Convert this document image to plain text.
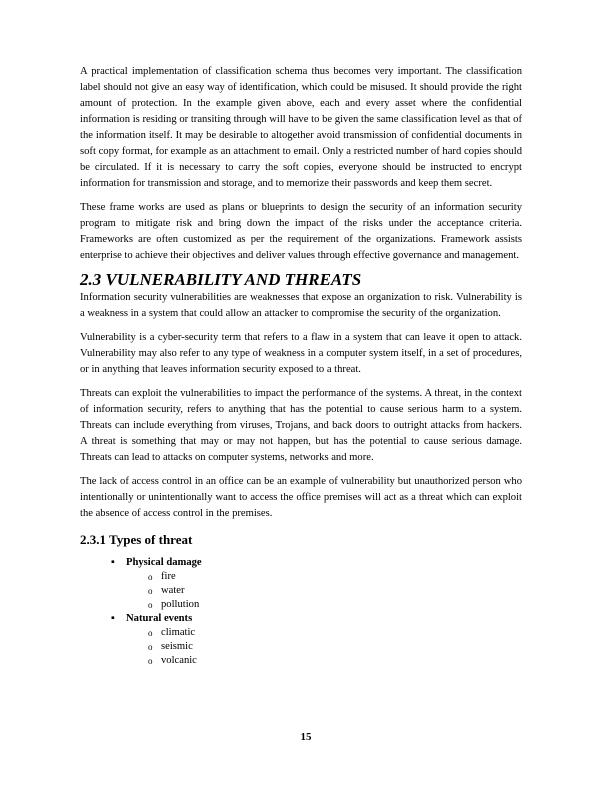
A practical implementation of classification schema thus becomes very important. The classification label should not give an easy way of identification, which could be misused. It should provide the right amount of protection. In the example given above, each and every asset where the confidential information is residing or transiting through will have to be given the same classification level as that of the information itself. It may be desirable to altogether avoid transmission of confidential documents in soft copy format, for example as an attachment to email. Only a restricted number of hard copies should be circulated. If it is necessary to carry the soft copies, everyone should be instructed to encrypt information for transmission and storage, and to memorize their passwords and keep them secret.

These frame works are used as plans or blueprints to design the security of an information security program to mitigate risk and bring down the impact of the risks under the acceptance criteria. Frameworks are often customized as per the requirement of the organizations. Framework assists enterprise to achieve their objectives and deliver values through effective governance and management.

2.3 VULNERABILITY AND THREATS

Information security vulnerabilities are weaknesses that expose an organization to risk. Vulnerability is a weakness in a system that could allow an attacker to compromise the security of the organization.

Vulnerability is a cyber-security term that refers to a flaw in a system that can leave it open to attack. Vulnerability may also refer to any type of weakness in a computer system itself, in a set of procedures, or in anything that leaves information security exposed to a threat.

Threats can exploit the vulnerabilities to impact the performance of the systems. A threat, in the context of information security, refers to anything that has the potential to cause serious harm to a system. Threats can include everything from viruses, Trojans, and back doors to outright attacks from hackers. A threat is something that may or may not happen, but has the potential to cause serious damage. Threats can lead to attacks on computer systems, networks and more.

The lack of access control in an office can be an example of vulnerability but unauthorized person who intentionally or unintentionally want to access the office premises will act as a threat which can exploit the absence of access control in the premises.

2.3.1 Types of threat
▪ Physical damage
o fire
o water
o pollution
▪ Natural events
o climatic
o seismic
o volcanic
15
